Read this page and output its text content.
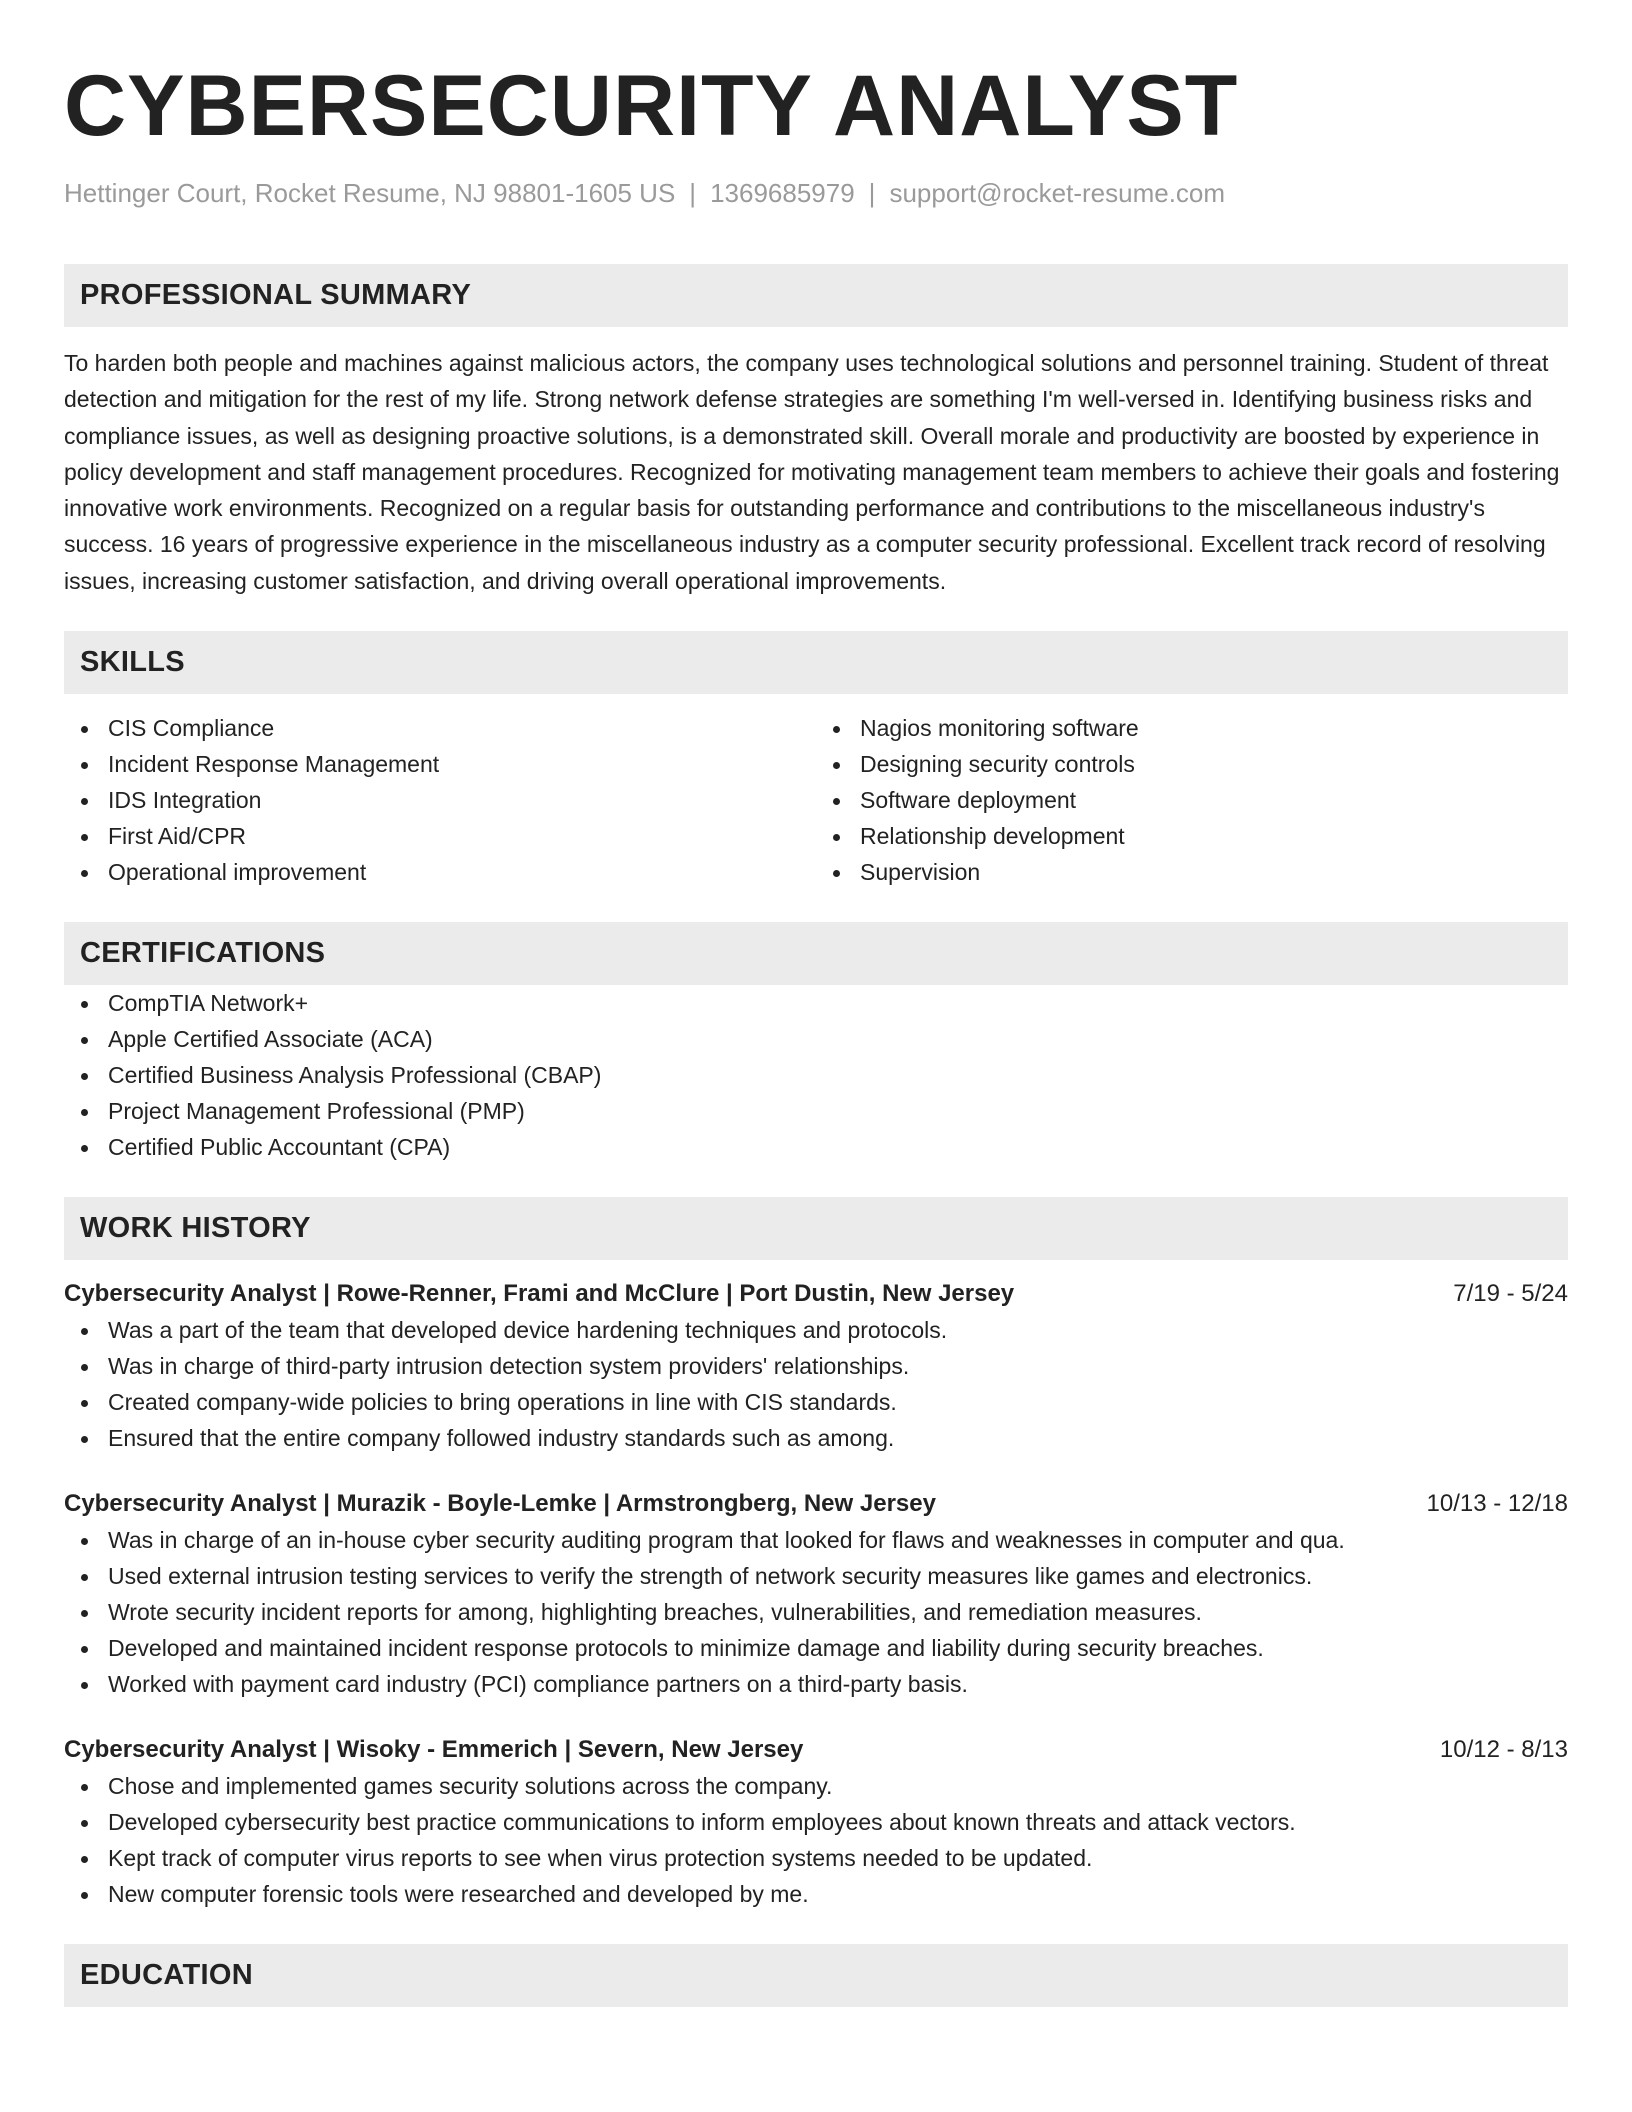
CYBERSECURITY ANALYST
Hettinger Court, Rocket Resume, NJ 98801-1605 US | 1369685979 | support@rocket-resume.com
PROFESSIONAL SUMMARY

To harden both people and machines against malicious actors, the company uses technological solutions and personnel training. Student of threat detection and mitigation for the rest of my life. Strong network defense strategies are something I'm well-versed in. Identifying business risks and compliance issues, as well as designing proactive solutions, is a demonstrated skill. Overall morale and productivity are boosted by experience in policy development and staff management procedures. Recognized for motivating management team members to achieve their goals and fostering innovative work environments. Recognized on a regular basis for outstanding performance and contributions to the miscellaneous industry's success. 16 years of progressive experience in the miscellaneous industry as a computer security professional. Excellent track record of resolving issues, increasing customer satisfaction, and driving overall operational improvements.

SKILLS
CIS Compliance
Incident Response Management
IDS Integration
First Aid/CPR
Operational improvement
Nagios monitoring software
Designing security controls
Software deployment
Relationship development
Supervision
CERTIFICATIONS
CompTIA Network+
Apple Certified Associate (ACA)
Certified Business Analysis Professional (CBAP)
Project Management Professional (PMP)
Certified Public Accountant (CPA)
WORK HISTORY
Cybersecurity Analyst | Rowe-Renner, Frami and McClure | Port Dustin, New Jersey	7/19 - 5/24
Was a part of the team that developed device hardening techniques and protocols.
Was in charge of third-party intrusion detection system providers' relationships.
Created company-wide policies to bring operations in line with CIS standards.
Ensured that the entire company followed industry standards such as among.
Cybersecurity Analyst | Murazik - Boyle-Lemke | Armstrongberg, New Jersey	10/13 - 12/18
Was in charge of an in-house cyber security auditing program that looked for flaws and weaknesses in computer and qua.
Used external intrusion testing services to verify the strength of network security measures like games and electronics.
Wrote security incident reports for among, highlighting breaches, vulnerabilities, and remediation measures.
Developed and maintained incident response protocols to minimize damage and liability during security breaches.
Worked with payment card industry (PCI) compliance partners on a third-party basis.
Cybersecurity Analyst | Wisoky - Emmerich | Severn, New Jersey	10/12 - 8/13
Chose and implemented games security solutions across the company.
Developed cybersecurity best practice communications to inform employees about known threats and attack vectors.
Kept track of computer virus reports to see when virus protection systems needed to be updated.
New computer forensic tools were researched and developed by me.
EDUCATION
